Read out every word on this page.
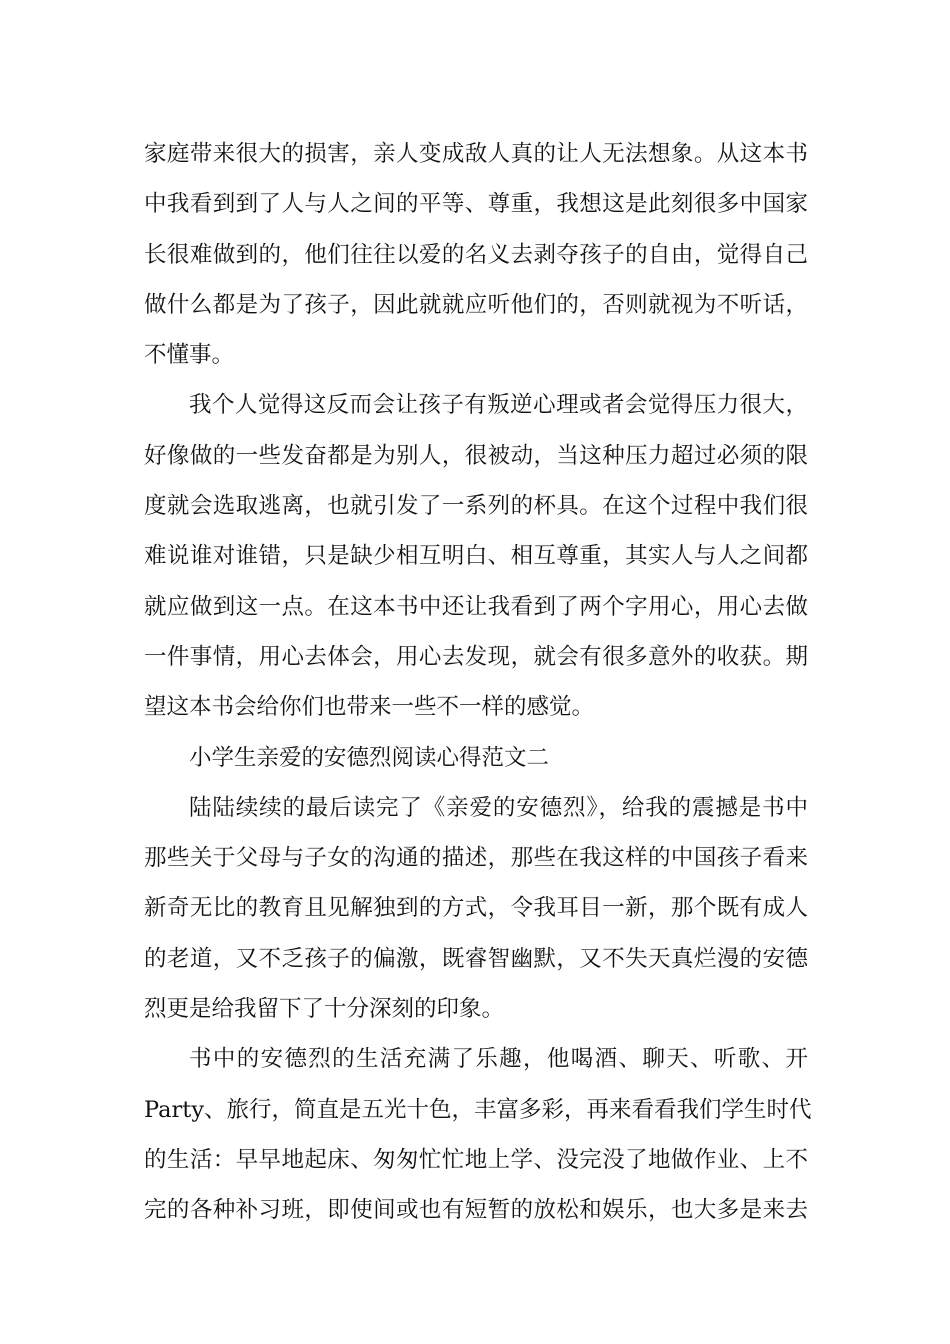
家庭带来很大的损害，亲人变成敌人真的让人无法想象。从这本书
中我看到到了人与人之间的平等、尊重，我想这是此刻很多中国家
长很难做到的，他们往往以爱的名义去剥夺孩子的自由，觉得自己
做什么都是为了孩子，因此就就应听他们的，否则就视为不听话，
不懂事。
我个人觉得这反而会让孩子有叛逆心理或者会觉得压力很大，
好像做的一些发奋都是为别人，很被动，当这种压力超过必须的限
度就会选取逃离，也就引发了一系列的杯具。在这个过程中我们很
难说谁对谁错，只是缺少相互明白、相互尊重，其实人与人之间都
就应做到这一点。在这本书中还让我看到了两个字用心，用心去做
一件事情，用心去体会，用心去发现，就会有很多意外的收获。期
望这本书会给你们也带来一些不一样的感觉。
小学生亲爱的安德烈阅读心得范文二
陆陆续续的最后读完了《亲爱的安德烈》，给我的震撼是书中
那些关于父母与子女的沟通的描述，那些在我这样的中国孩子看来
新奇无比的教育且见解独到的方式，令我耳目一新，那个既有成人
的老道，又不乏孩子的偏激，既睿智幽默，又不失天真烂漫的安德
烈更是给我留下了十分深刻的印象。
书中的安德烈的生活充满了乐趣，他喝酒、聊天、听歌、开
Party、旅行，简直是五光十色，丰富多彩，再来看看我们学生时代
的生活：早早地起床、匆匆忙忙地上学、没完没了地做作业、上不
完的各种补习班，即使间或也有短暂的放松和娱乐，也大多是来去
